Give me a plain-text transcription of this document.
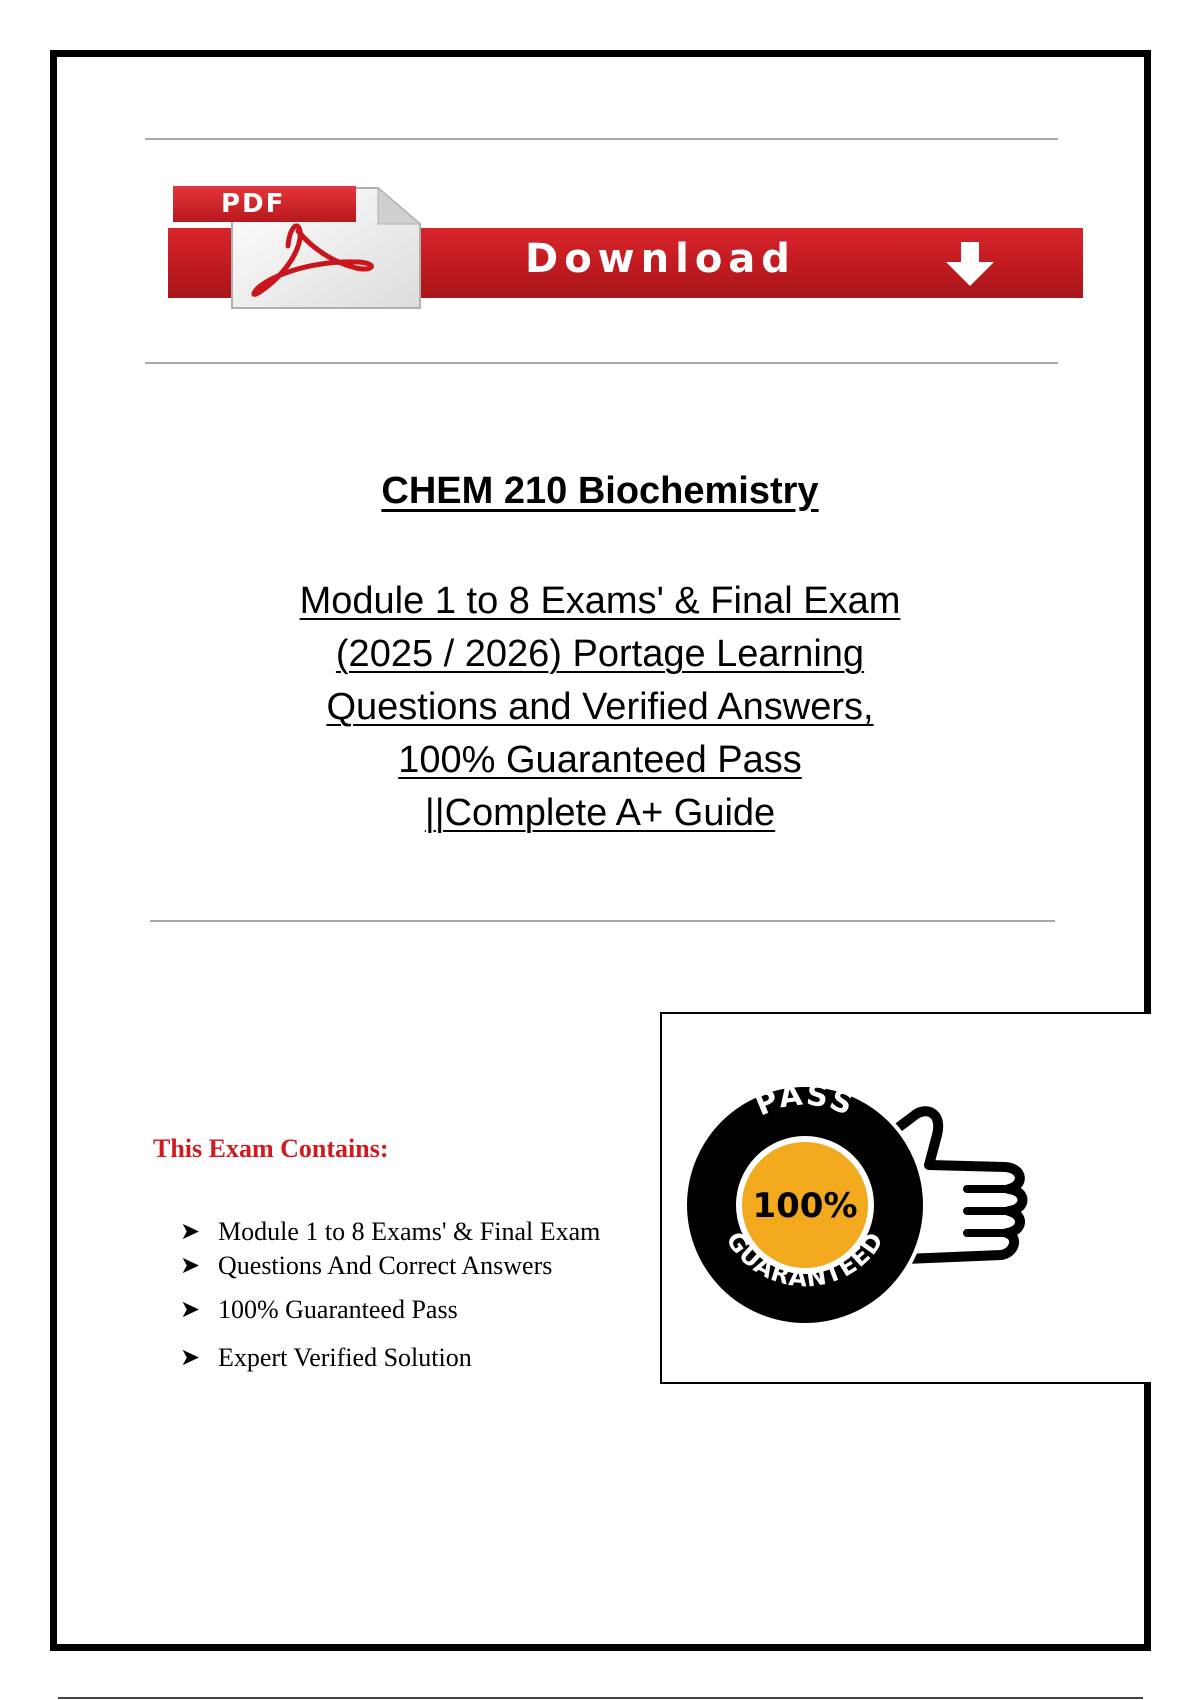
Download
PDF
CHEM 210 Biochemistry
Module 1 to 8 Exams' & Final Exam
(2025 / 2026) Portage Learning
Questions and Verified Answers,
100% Guaranteed Pass
||Complete A+ Guide
This Exam Contains:
➤ Module 1 to 8 Exams' & Final Exam
➤ Questions And Correct Answers
➤ 100% Guaranteed Pass
➤ Expert Verified Solution
PASS
GUARANTEED
100%
